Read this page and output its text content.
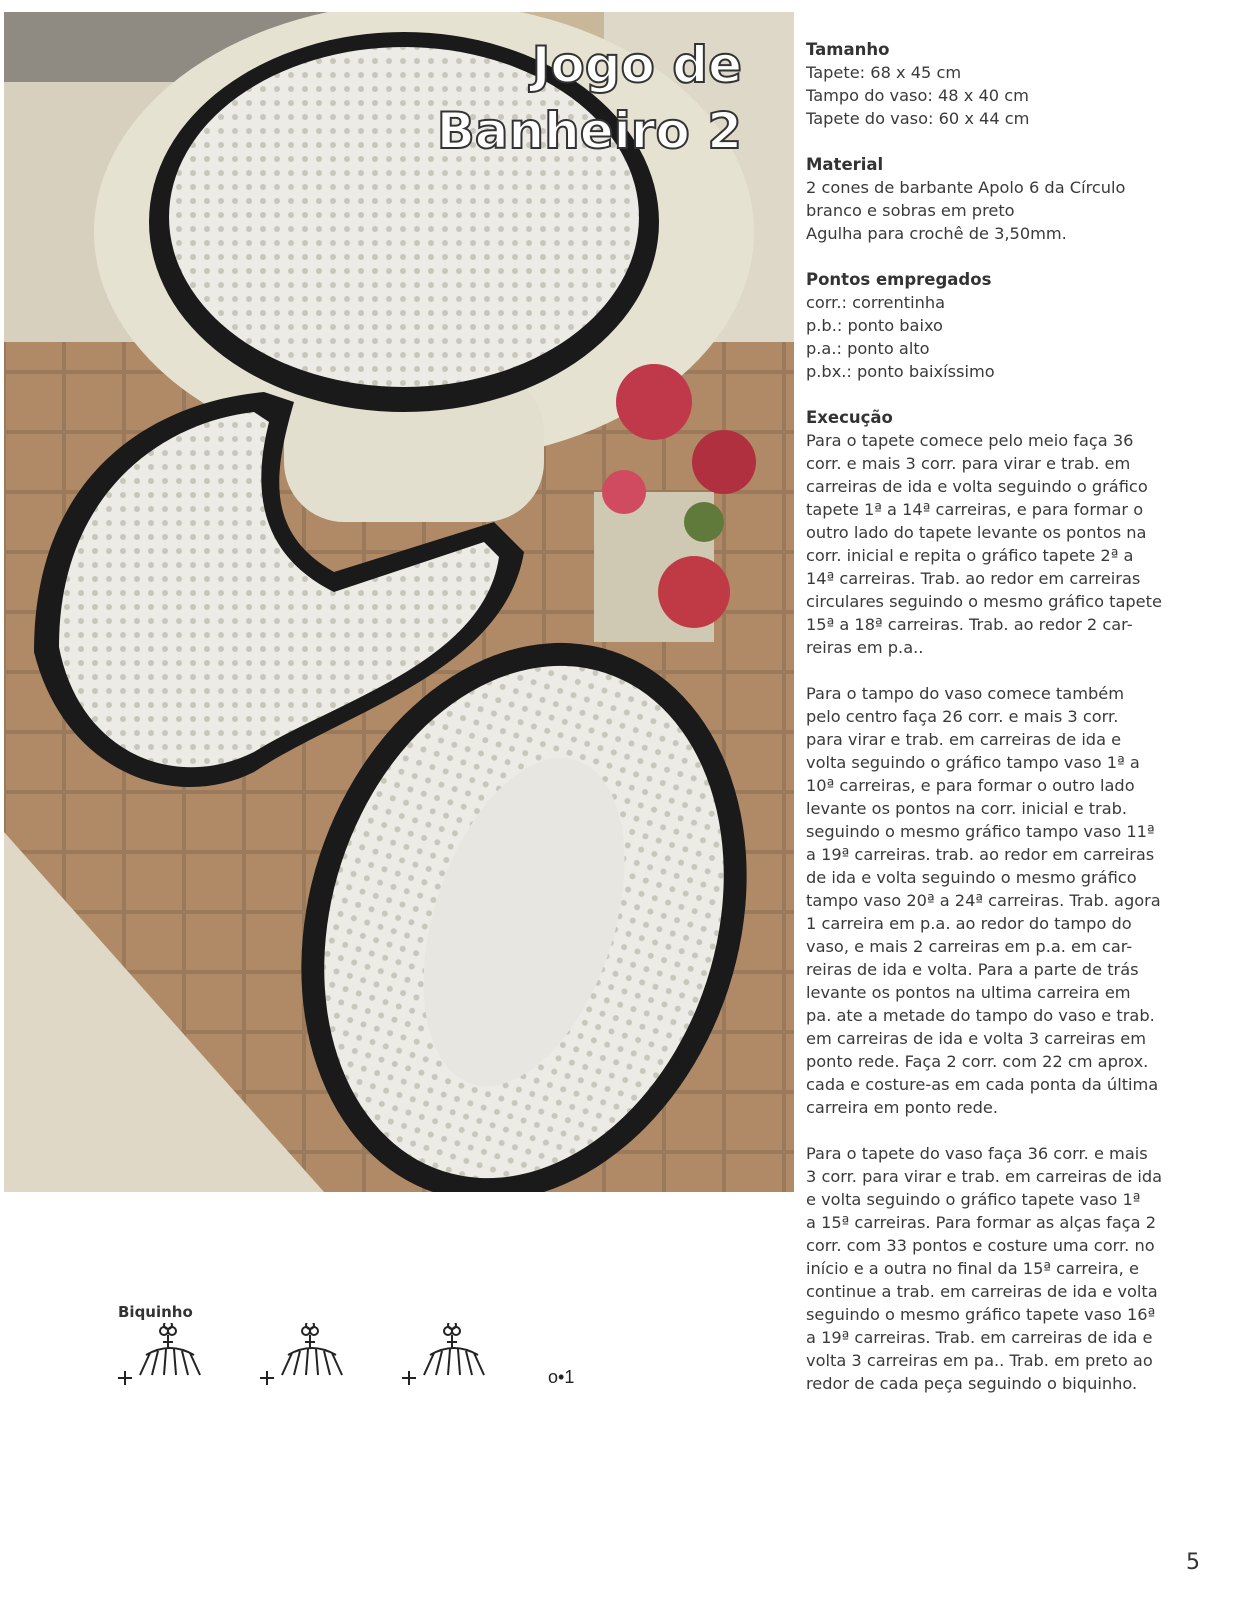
Jogo de
Banheiro 2
Tamanho
Tapete: 68 x 45 cm
Tampo do vaso: 48 x 40 cm
Tapete do vaso: 60 x 44 cm
Material
2 cones de barbante Apolo 6 da Círculo
branco e sobras em preto
Agulha para crochê de 3,50mm.
Pontos empregados
corr.: correntinha
p.b.: ponto baixo
p.a.: ponto alto
p.bx.: ponto baixíssimo
Execução
Para o tapete comece pelo meio faça 36
corr. e mais 3 corr. para virar e trab. em
carreiras de ida e volta seguindo o gráfico
tapete 1ª a 14ª carreiras, e para formar o
outro lado do tapete levante os pontos na
corr. inicial e repita o gráfico tapete 2ª a
14ª carreiras. Trab. ao redor em carreiras
circulares seguindo o mesmo gráfico tapete
15ª a 18ª carreiras. Trab. ao redor 2 car-
reiras em p.a..
Para o tampo do vaso comece também
pelo centro faça 26 corr. e mais 3 corr.
para virar e trab. em carreiras de ida e
volta seguindo o gráfico tampo vaso 1ª a
10ª carreiras, e para formar o outro lado
levante os pontos na corr. inicial e trab.
seguindo o mesmo gráfico tampo vaso 11ª
a 19ª carreiras. trab. ao redor em carreiras
de ida e volta seguindo o mesmo gráfico
tampo vaso 20ª a 24ª carreiras. Trab. agora
1 carreira em p.a. ao redor do tampo do
vaso, e mais 2 carreiras em p.a. em car-
reiras de ida e volta. Para a parte de trás
levante os pontos na ultima carreira em
pa. ate a metade do tampo do vaso e trab.
em carreiras de ida e volta 3 carreiras em
ponto rede. Faça 2 corr. com 22 cm aprox.
cada e costure-as em cada ponta da última
carreira em ponto rede.
Para o tapete do vaso faça 36 corr. e mais
3 corr. para virar e trab. em carreiras de ida
e volta seguindo o gráfico tapete vaso 1ª
a 15ª carreiras. Para formar as alças faça 2
corr. com 33 pontos e costure uma corr. no
início e a outra no final da 15ª carreira, e
continue a trab. em carreiras de ida e volta
seguindo o mesmo gráfico tapete vaso 16ª
a 19ª carreiras. Trab. em carreiras de ida e
volta 3 carreiras em pa.. Trab. em preto ao
redor de cada peça seguindo o biquinho.
Biquinho
o•1
5
